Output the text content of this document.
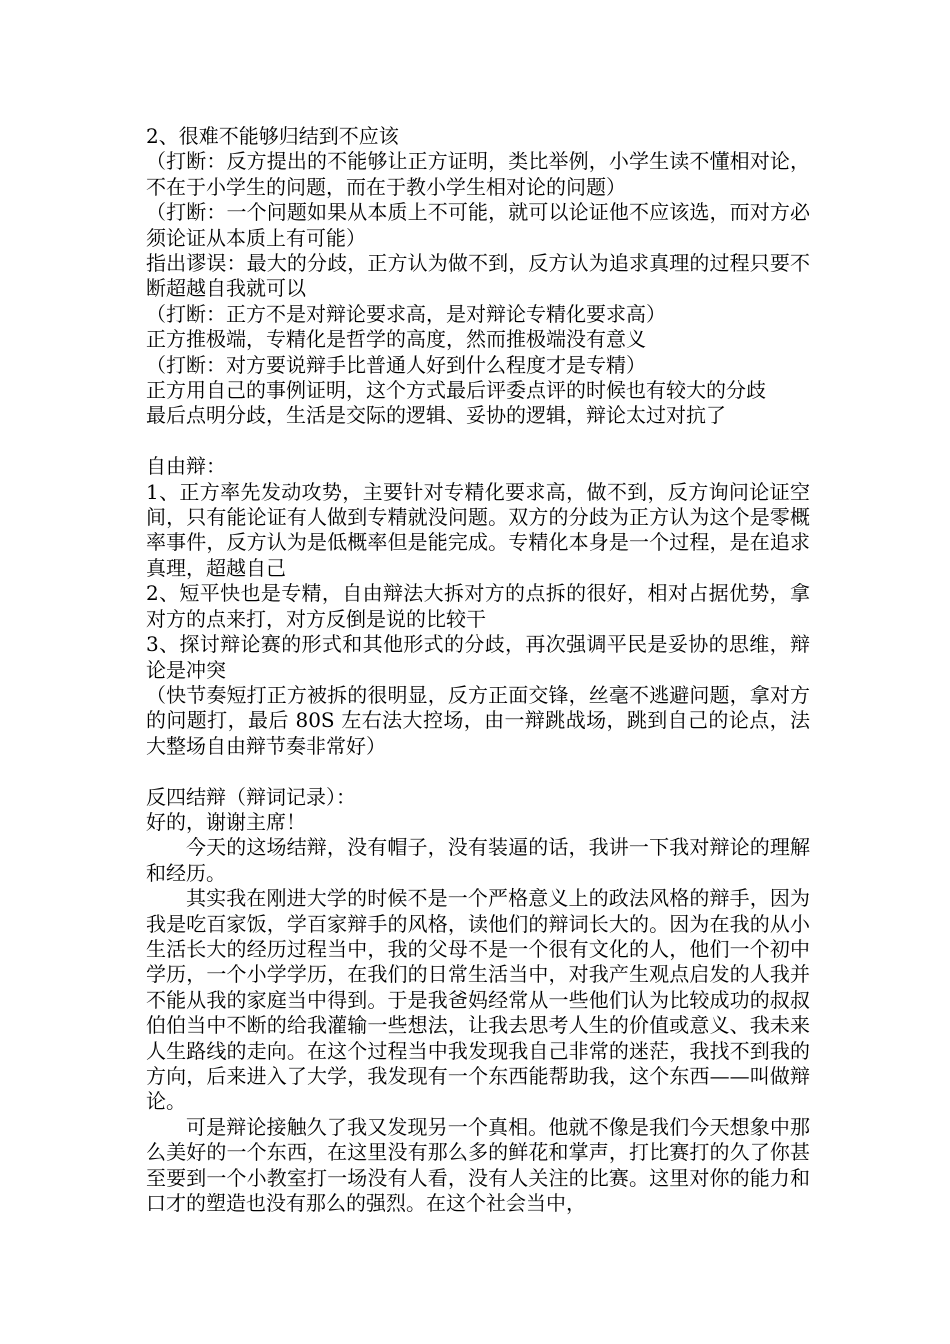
2、很难不能够归结到不应该

（打断：反方提出的不能够让正方证明，类比举例，小学生读不懂相对论，不在于小学生的问题，而在于教小学生相对论的问题）

（打断：一个问题如果从本质上不可能，就可以论证他不应该选，而对方必须论证从本质上有可能）

指出谬误：最大的分歧，正方认为做不到，反方认为追求真理的过程只要不断超越自我就可以

（打断：正方不是对辩论要求高，是对辩论专精化要求高）

正方推极端，专精化是哲学的高度，然而推极端没有意义

（打断：对方要说辩手比普通人好到什么程度才是专精）

正方用自己的事例证明，这个方式最后评委点评的时候也有较大的分歧

最后点明分歧，生活是交际的逻辑、妥协的逻辑，辩论太过对抗了

自由辩：

1、正方率先发动攻势，主要针对专精化要求高，做不到，反方询问论证空间，只有能论证有人做到专精就没问题。双方的分歧为正方认为这个是零概率事件，反方认为是低概率但是能完成。专精化本身是一个过程，是在追求真理，超越自己

2、短平快也是专精，自由辩法大拆对方的点拆的很好，相对占据优势，拿对方的点来打，对方反倒是说的比较干

3、探讨辩论赛的形式和其他形式的分歧，再次强调平民是妥协的思维，辩论是冲突

（快节奏短打正方被拆的很明显，反方正面交锋，丝毫不逃避问题，拿对方的问题打，最后 80S 左右法大控场，由一辩跳战场，跳到自己的论点，法大整场自由辩节奏非常好）

反四结辩（辩词记录）：

好的，谢谢主席！

今天的这场结辩，没有帽子，没有装逼的话，我讲一下我对辩论的理解和经历。

其实我在刚进大学的时候不是一个严格意义上的政法风格的辩手，因为我是吃百家饭，学百家辩手的风格，读他们的辩词长大的。因为在我的从小生活长大的经历过程当中，我的父母不是一个很有文化的人，他们一个初中学历，一个小学学历，在我们的日常生活当中，对我产生观点启发的人我并不能从我的家庭当中得到。于是我爸妈经常从一些他们认为比较成功的叔叔伯伯当中不断的给我灌输一些想法，让我去思考人生的价值或意义、我未来人生路线的走向。在这个过程当中我发现我自己非常的迷茫，我找不到我的方向，后来进入了大学，我发现有一个东西能帮助我，这个东西——叫做辩论。

可是辩论接触久了我又发现另一个真相。他就不像是我们今天想象中那么美好的一个东西，在这里没有那么多的鲜花和掌声，打比赛打的久了你甚至要到一个小教室打一场没有人看，没有人关注的比赛。这里对你的能力和口才的塑造也没有那么的强烈。在这个社会当中，
